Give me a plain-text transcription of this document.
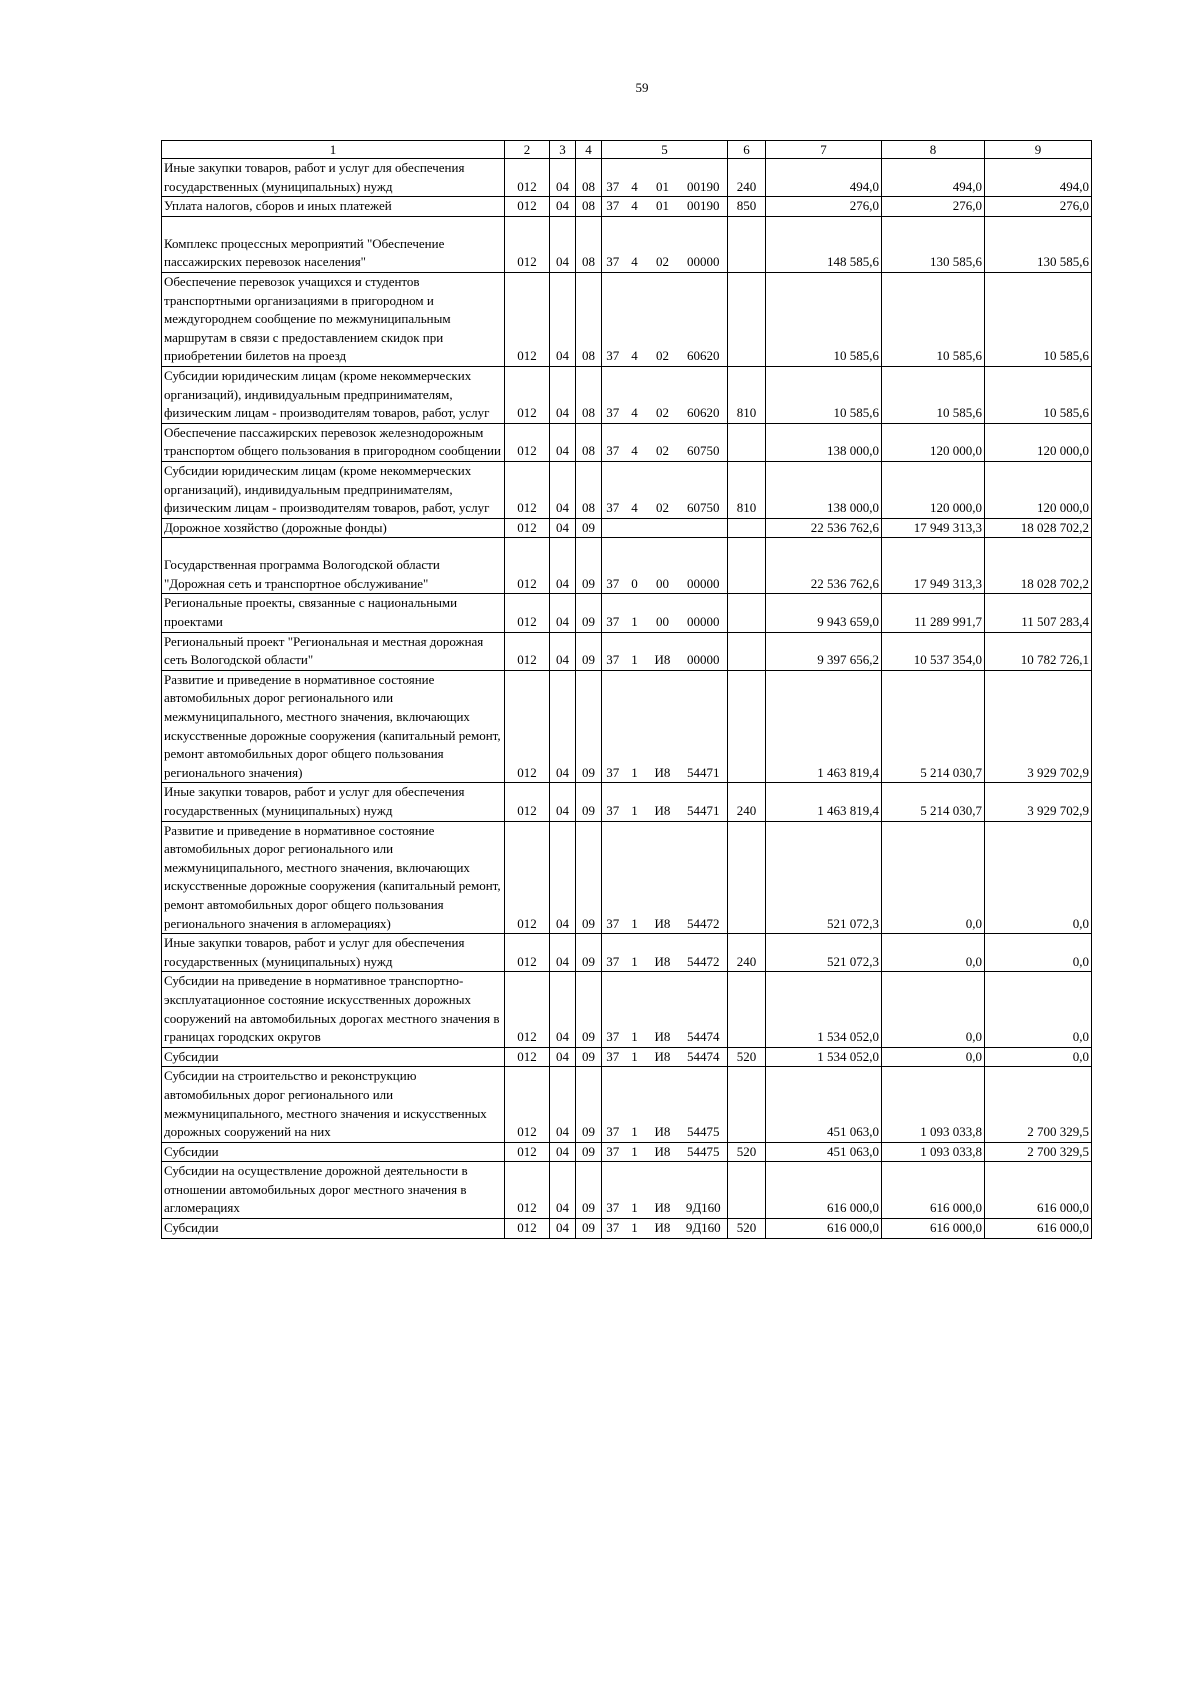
59
1	2	3	4	5				6	7	8	9
Иные закупки товаров, работ и услуг для обеспечения государственных (муниципальных) нужд	012	04	08	37	4	01	00190	240	494,0	494,0	494,0
Уплата налогов, сборов и иных платежей	012	04	08	37	4	01	00190	850	276,0	276,0	276,0

Комплекс процессных мероприятий "Обеспечение пассажирских перевозок населения"	012	04	08	37	4	02	00000		148 585,6	130 585,6	130 585,6
Обеспечение перевозок учащихся и студентов транспортными организациями в пригородном и междугороднем сообщение по межмуниципальным маршрутам в связи с предоставлением скидок при приобретении билетов на проезд	012	04	08	37	4	02	60620		10 585,6	10 585,6	10 585,6
Субсидии юридическим лицам (кроме некоммерческих организаций), индивидуальным предпринимателям, физическим лицам - производителям товаров, работ, услуг	012	04	08	37	4	02	60620	810	10 585,6	10 585,6	10 585,6
Обеспечение пассажирских перевозок железнодорожным транспортом общего пользования в пригородном сообщении	012	04	08	37	4	02	60750		138 000,0	120 000,0	120 000,0
Субсидии юридическим лицам (кроме некоммерческих организаций), индивидуальным предпринимателям, физическим лицам - производителям товаров, работ, услуг	012	04	08	37	4	02	60750	810	138 000,0	120 000,0	120 000,0
Дорожное хозяйство (дорожные фонды)	012	04	09						22 536 762,6	17 949 313,3	18 028 702,2

Государственная программа Вологодской области "Дорожная сеть и транспортное обслуживание"	012	04	09	37	0	00	00000		22 536 762,6	17 949 313,3	18 028 702,2
Региональные проекты, связанные с национальными проектами	012	04	09	37	1	00	00000		9 943 659,0	11 289 991,7	11 507 283,4
Региональный проект "Региональная и местная дорожная сеть Вологодской области"	012	04	09	37	1	И8	00000		9 397 656,2	10 537 354,0	10 782 726,1
Развитие и приведение в нормативное состояние автомобильных дорог регионального или межмуниципального, местного значения, включающих искусственные дорожные сооружения (капитальный ремонт, ремонт автомобильных дорог общего пользования регионального значения)	012	04	09	37	1	И8	54471		1 463 819,4	5 214 030,7	3 929 702,9
Иные закупки товаров, работ и услуг для обеспечения государственных (муниципальных) нужд	012	04	09	37	1	И8	54471	240	1 463 819,4	5 214 030,7	3 929 702,9
Развитие и приведение в нормативное состояние автомобильных дорог регионального или межмуниципального, местного значения, включающих искусственные дорожные сооружения (капитальный ремонт, ремонт автомобильных дорог общего пользования регионального значения в агломерациях)	012	04	09	37	1	И8	54472		521 072,3	0,0	0,0
Иные закупки товаров, работ и услуг для обеспечения государственных (муниципальных) нужд	012	04	09	37	1	И8	54472	240	521 072,3	0,0	0,0
Субсидии на приведение в нормативное транспортно-эксплуатационное состояние искусственных дорожных сооружений на автомобильных дорогах местного значения в границах городских округов	012	04	09	37	1	И8	54474		1 534 052,0	0,0	0,0
Субсидии	012	04	09	37	1	И8	54474	520	1 534 052,0	0,0	0,0
Субсидии на строительство и реконструкцию автомобильных дорог регионального или межмуниципального, местного значения и искусственных дорожных сооружений на них	012	04	09	37	1	И8	54475		451 063,0	1 093 033,8	2 700 329,5
Субсидии	012	04	09	37	1	И8	54475	520	451 063,0	1 093 033,8	2 700 329,5
Субсидии на осуществление дорожной деятельности в отношении автомобильных дорог местного значения в агломерациях	012	04	09	37	1	И8	9Д160		616 000,0	616 000,0	616 000,0
Субсидии	012	04	09	37	1	И8	9Д160	520	616 000,0	616 000,0	616 000,0
